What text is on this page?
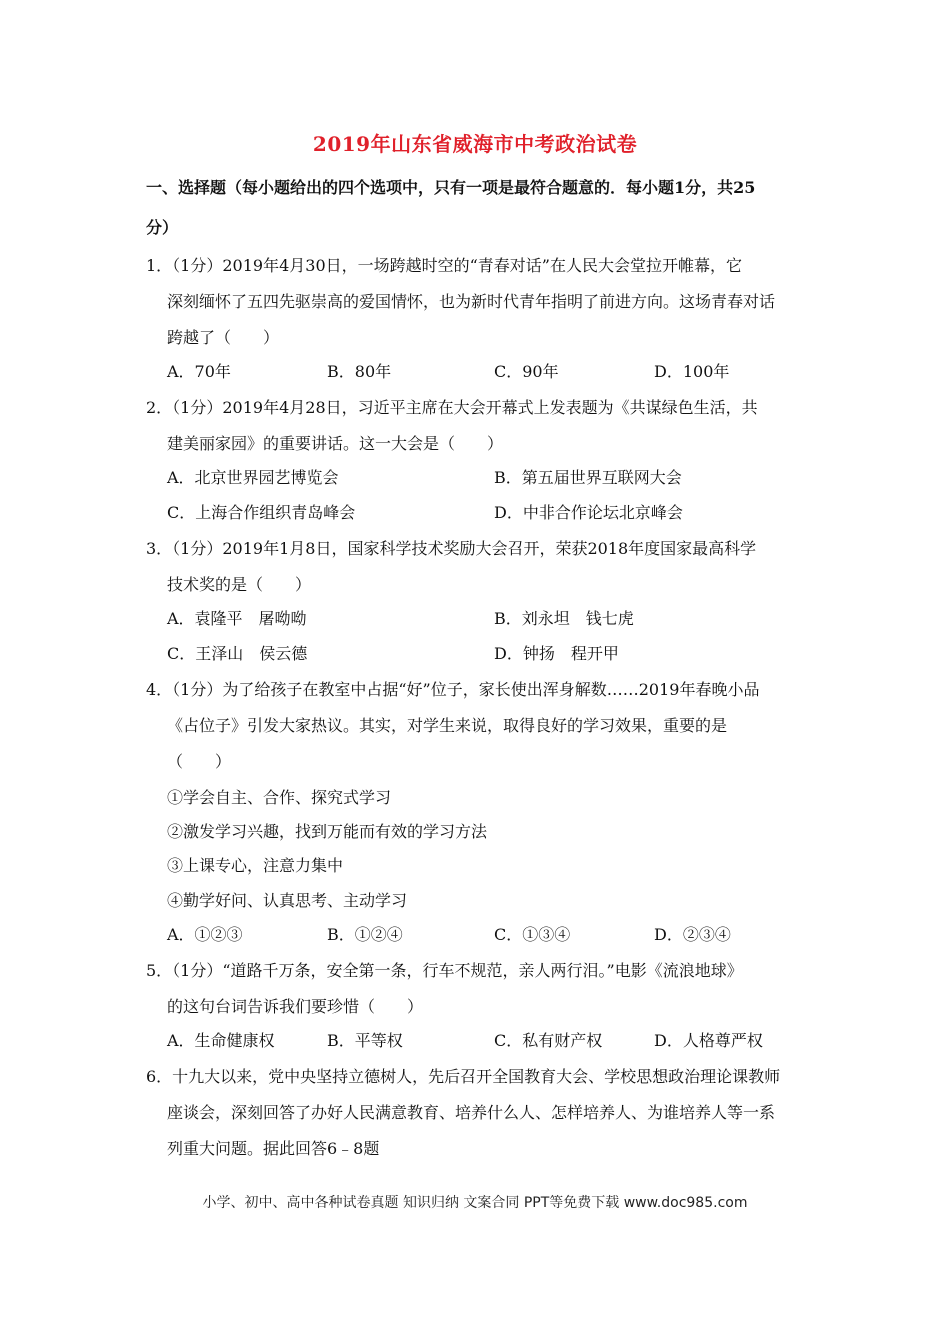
2019年山东省威海市中考政治试卷
一、选择题（每小题给出的四个选项中，只有一项是最符合题意的．每小题1分，共25
分）
1．（1分）2019年4月30日，一场跨越时空的“青春对话”在人民大会堂拉开帷幕，它
深刻缅怀了五四先驱崇高的爱国情怀，也为新时代青年指明了前进方向。这场青春对话
跨越了（　　）
A．70年	B．80年	C．90年	D．100年
2．（1分）2019年4月28日，习近平主席在大会开幕式上发表题为《共谋绿色生活，共
建美丽家园》的重要讲话。这一大会是（　　）
A．北京世界园艺博览会	B．第五届世界互联网大会
C．上海合作组织青岛峰会	D．中非合作论坛北京峰会
3．（1分）2019年1月8日，国家科学技术奖励大会召开，荣获2018年度国家最高科学
技术奖的是（　　）
A．袁隆平　屠呦呦	B．刘永坦　钱七虎
C．王泽山　侯云德	D．钟扬　程开甲
4．（1分）为了给孩子在教室中占据“好”位子，家长使出浑身解数……2019年春晚小品
《占位子》引发大家热议。其实，对学生来说，取得良好的学习效果，重要的是
（　　）
①学会自主、合作、探究式学习
②激发学习兴趣，找到万能而有效的学习方法
③上课专心，注意力集中
④勤学好问、认真思考、主动学习
A．①②③	B．①②④	C．①③④	D．②③④
5．（1分）“道路千万条，安全第一条，行车不规范，亲人两行泪。”电影《流浪地球》
的这句台词告诉我们要珍惜（　　）
A．生命健康权	B．平等权	C．私有财产权	D．人格尊严权
6．十九大以来，党中央坚持立德树人，先后召开全国教育大会、学校思想政治理论课教师
座谈会，深刻回答了办好人民满意教育、培养什么人、怎样培养人、为谁培养人等一系
列重大问题。据此回答6﹣8题
小学、初中、高中各种试卷真题 知识归纳 文案合同 PPT等免费下载 www.doc985.com
